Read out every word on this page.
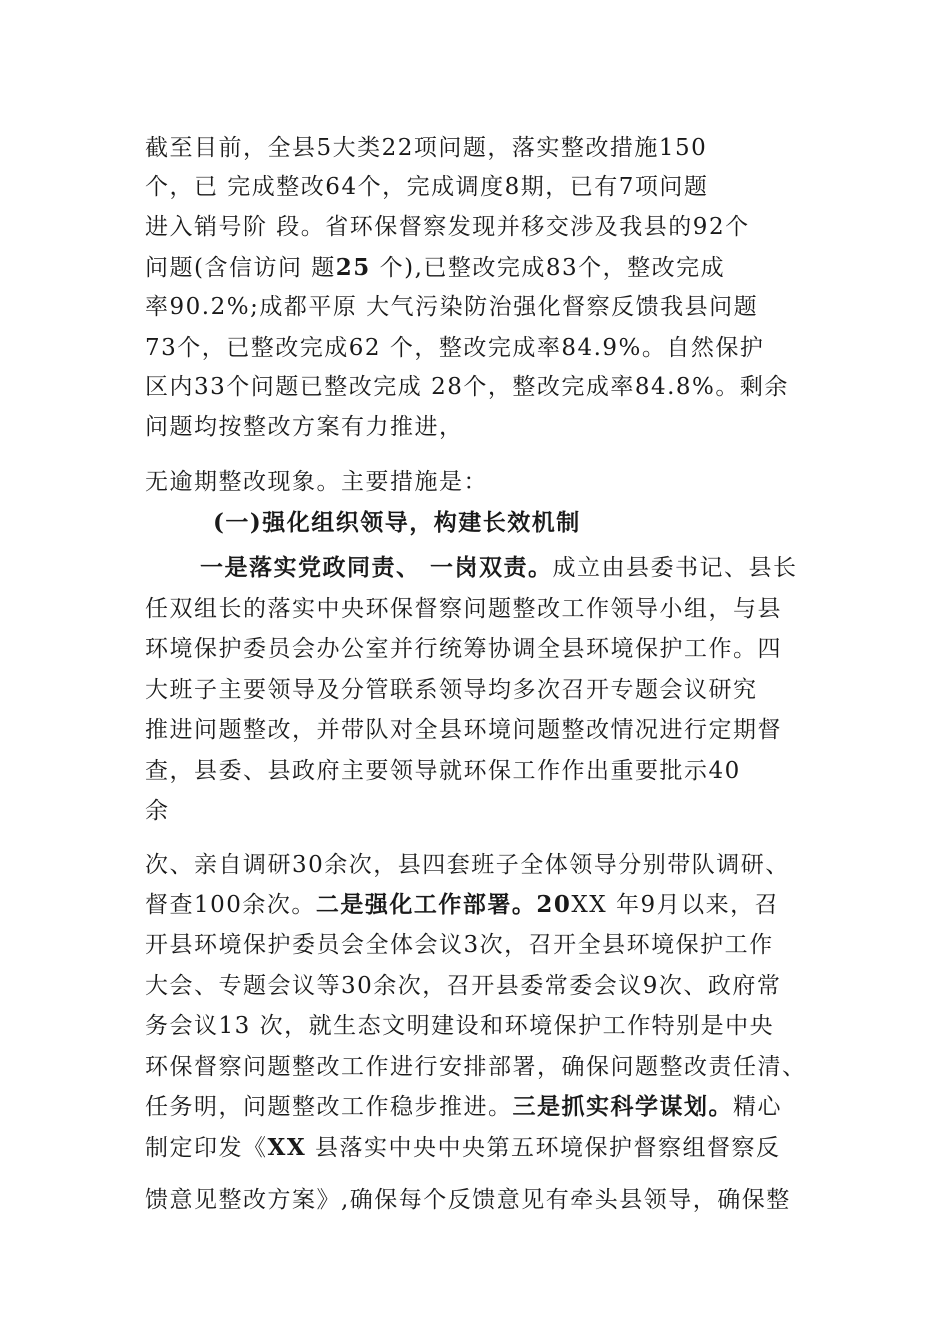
截至目前，全县5大类22项问题，落实整改措施150
个，已 完成整改64个，完成调度8期，已有7项问题
进入销号阶 段。省环保督察发现并移交涉及我县的92个
问题(含信访问 题25 个),已整改完成83个，整改完成
率90.2%;成都平原 大气污染防治强化督察反馈我县问题
73个，已整改完成62 个，整改完成率84.9%。自然保护
区内33个问题已整改完成 28个，整改完成率84.8%。剩余
问题均按整改方案有力推进，
无逾期整改现象。主要措施是：
(一)强化组织领导，构建长效机制
一是落实党政同责、 一岗双责。成立由县委书记、县长
任双组长的落实中央环保督察问题整改工作领导小组，与县
环境保护委员会办公室并行统筹协调全县环境保护工作。四
大班子主要领导及分管联系领导均多次召开专题会议研究
推进问题整改，并带队对全县环境问题整改情况进行定期督
查，县委、县政府主要领导就环保工作作出重要批示40
余
次、亲自调研30余次，县四套班子全体领导分别带队调研、
督查100余次。二是强化工作部署。20XX 年9月以来，召
开县环境保护委员会全体会议3次，召开全县环境保护工作
大会、专题会议等30余次，召开县委常委会议9次、政府常
务会议13 次，就生态文明建设和环境保护工作特别是中央
环保督察问题整改工作进行安排部署，确保问题整改责任清、
任务明，问题整改工作稳步推进。三是抓实科学谋划。精心
制定印发《XX 县落实中央中央第五环境保护督察组督察反
馈意见整改方案》,确保每个反馈意见有牵头县领导，确保整
